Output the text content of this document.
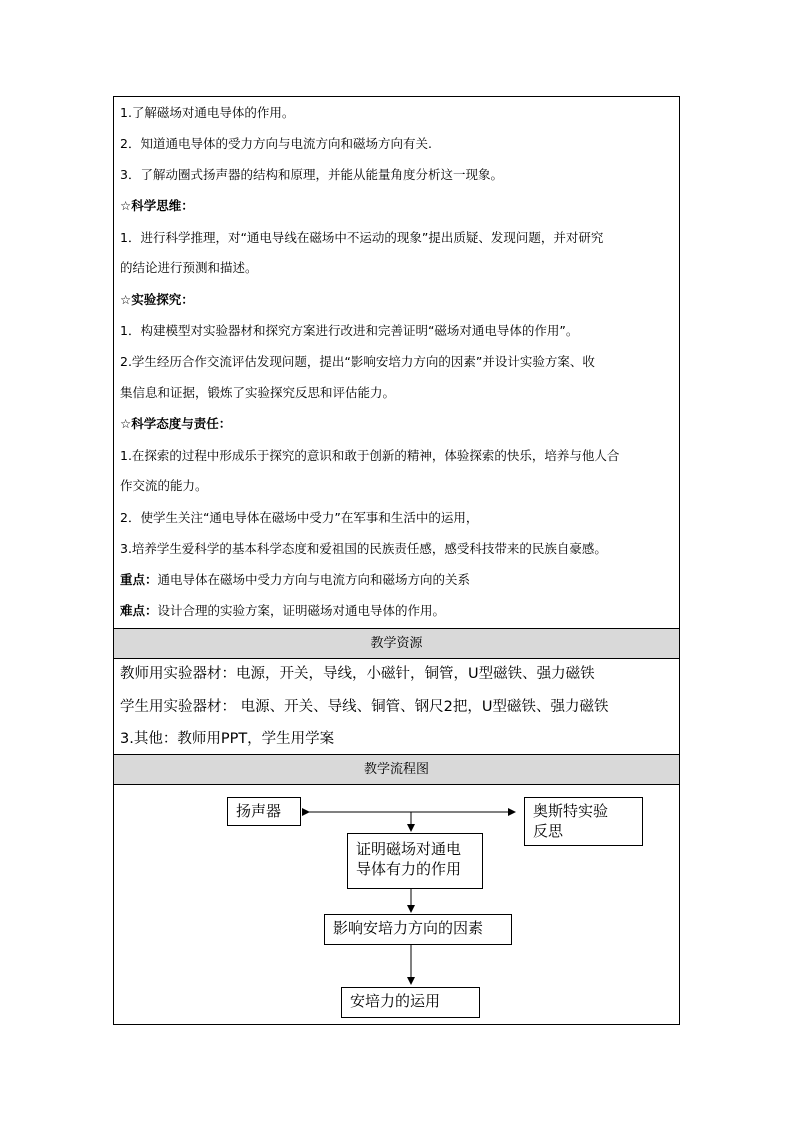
1.了解磁场对通电导体的作用。
2．知道通电导体的受力方向与电流方向和磁场方向有关.
3．了解动圈式扬声器的结构和原理，并能从能量角度分析这一现象。
☆科学思维：
1．进行科学推理，对“通电导线在磁场中不运动的现象”提出质疑、发现问题，并对研究
的结论进行预测和描述。
☆实验探究：
1．构建模型对实验器材和探究方案进行改进和完善证明“磁场对通电导体的作用”。
2.学生经历合作交流评估发现问题，提出“影响安培力方向的因素”并设计实验方案、收
集信息和证据，锻炼了实验探究反思和评估能力。
☆科学态度与责任：
1.在探索的过程中形成乐于探究的意识和敢于创新的精神，体验探索的快乐，培养与他人合
作交流的能力。
2．使学生关注“通电导体在磁场中受力”在军事和生活中的运用，
3.培养学生爱科学的基本科学态度和爱祖国的民族责任感，感受科技带来的民族自豪感。
重点：通电导体在磁场中受力方向与电流方向和磁场方向的关系
难点：设计合理的实验方案，证明磁场对通电导体的作用。
教学资源
教师用实验器材：电源，开关，导线，小磁针，铜管，U型磁铁、强力磁铁
学生用实验器材： 电源、开关、导线、铜管、钢尺2把，U型磁铁、强力磁铁
3.其他：教师用PPT，学生用学案
教学流程图
扬声器	奥斯特实验
反思
证明磁场对通电
导体有力的作用
影响安培力方向的因素
安培力的运用
